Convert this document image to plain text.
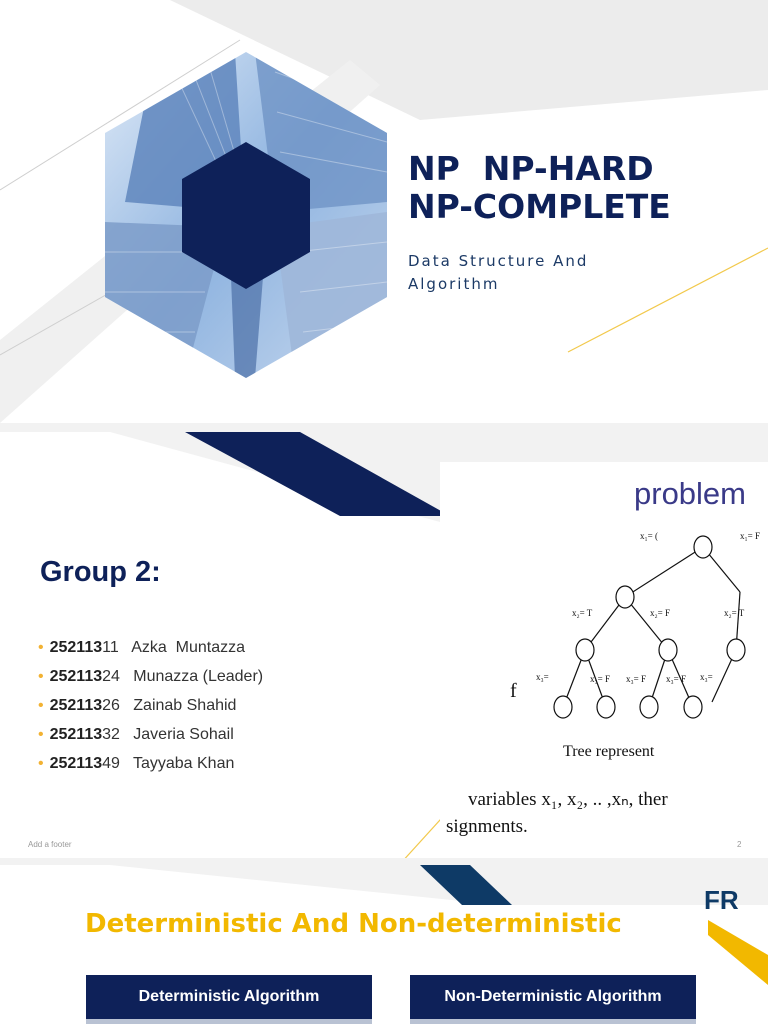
NP  NP-HARD
NP-COMPLETE
Data Structure And Algorithm
problem
x₁= (	x₁= F
x₂= T	x₂= F	x₂= T
x₃=	x₃= F x₃= F x₃= F x₃=
f
Tree represent
variables x₁, x₂, .. ,xₙ, ther
signments.
Group 2:
• 25211311 Azka  Muntazza
• 25211324 Munazza (Leader)
• 25211326 Zainab Shahid
• 25211332 Javeria Sohail
• 25211349 Tayyaba Khan
Add a footer	2
FR
Deterministic And Non-deterministic
Deterministic Algorithm	Non-Deterministic Algorithm
